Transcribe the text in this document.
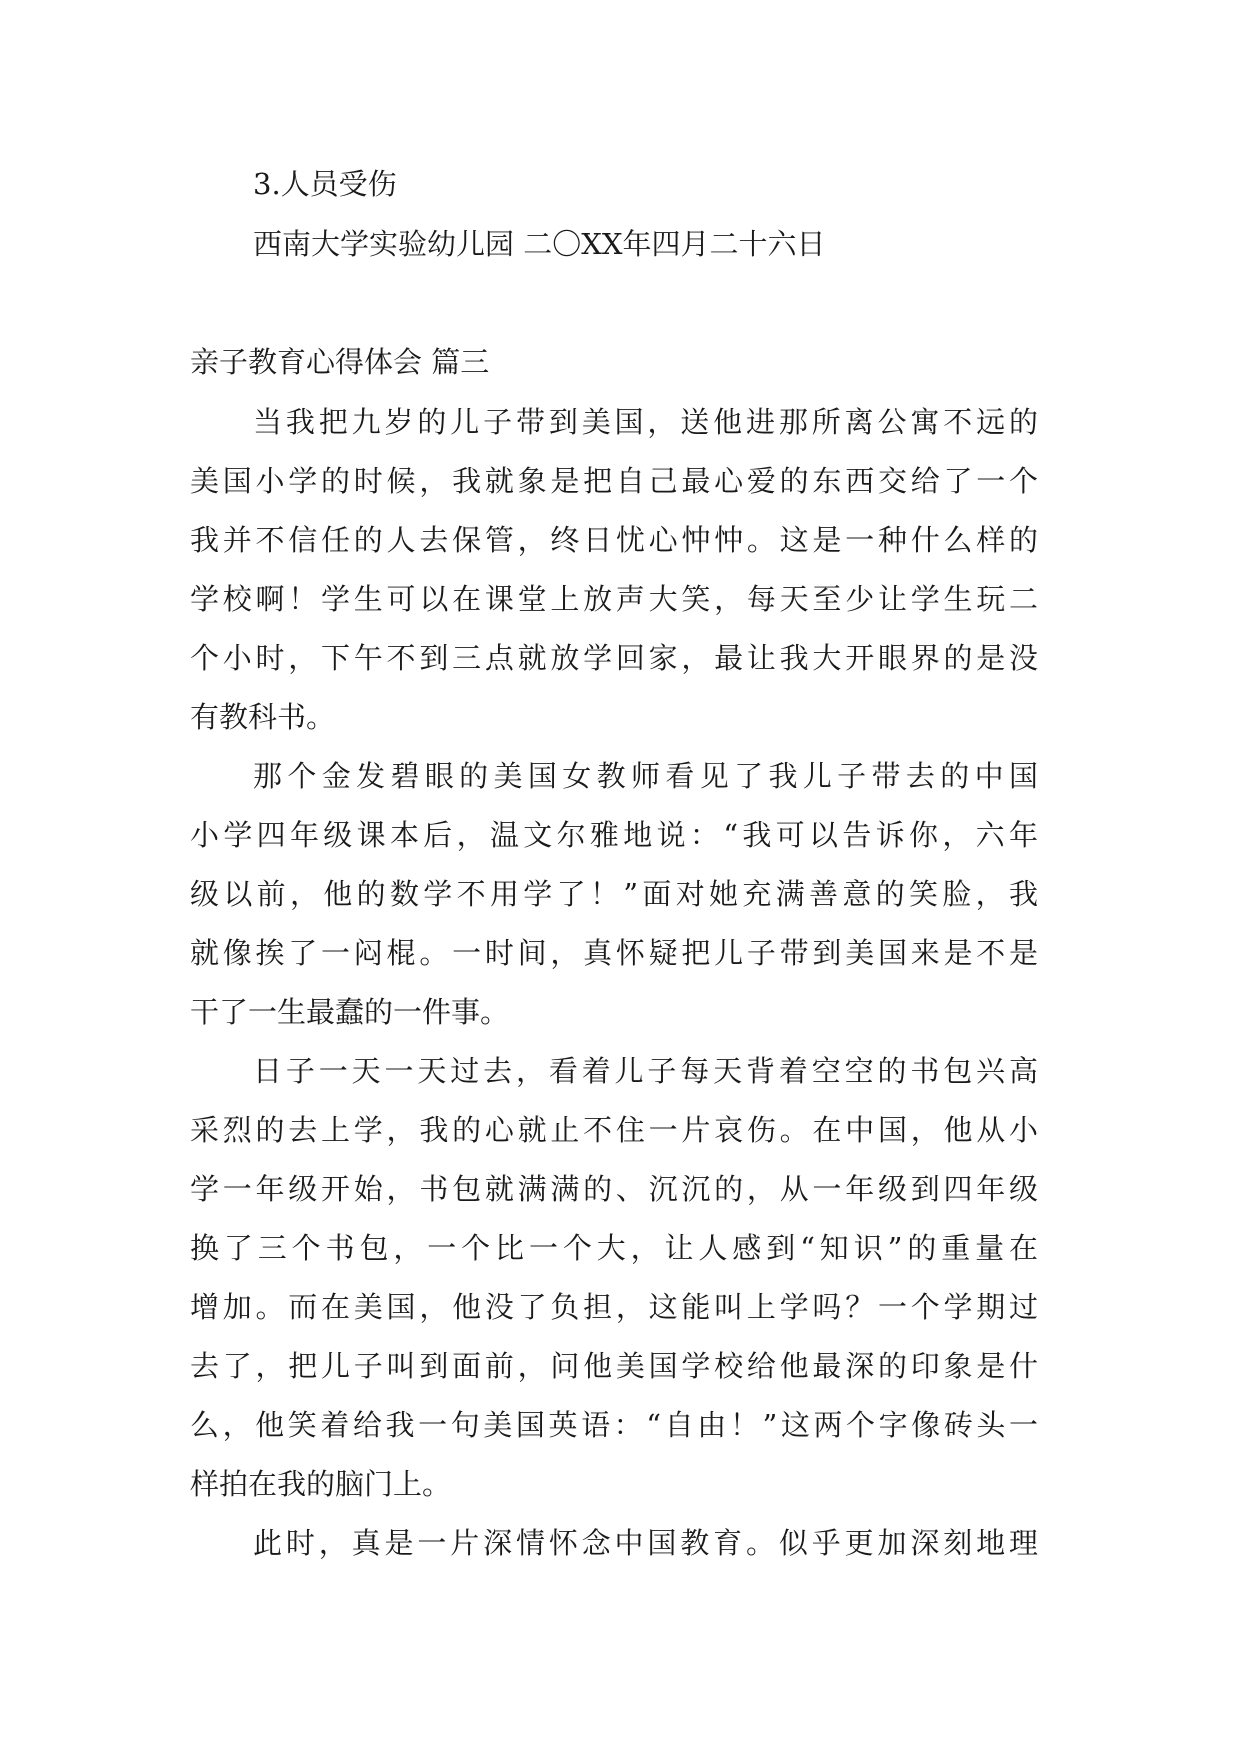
3.人员受伤
西南大学实验幼儿园 二〇XX年四月二十六日
亲子教育心得体会 篇三
当我把九岁的儿子带到美国，送他进那所离公寓不远的
美国小学的时候，我就象是把自己最心爱的东西交给了一个
我并不信任的人去保管，终日忧心忡忡。这是一种什么样的
学校啊！学生可以在课堂上放声大笑，每天至少让学生玩二
个小时，下午不到三点就放学回家，最让我大开眼界的是没
有教科书。
那个金发碧眼的美国女教师看见了我儿子带去的中国
小学四年级课本后，温文尔雅地说：“我可以告诉你，六年
级以前，他的数学不用学了！”面对她充满善意的笑脸，我
就像挨了一闷棍。一时间，真怀疑把儿子带到美国来是不是
干了一生最蠢的一件事。
日子一天一天过去，看着儿子每天背着空空的书包兴高
采烈的去上学，我的心就止不住一片哀伤。在中国，他从小
学一年级开始，书包就满满的、沉沉的，从一年级到四年级
换了三个书包，一个比一个大，让人感到“知识”的重量在
增加。而在美国，他没了负担，这能叫上学吗？一个学期过
去了，把儿子叫到面前，问他美国学校给他最深的印象是什
么，他笑着给我一句美国英语：“自由！”这两个字像砖头一
样拍在我的脑门上。
此时，真是一片深情怀念中国教育。似乎更加深刻地理
